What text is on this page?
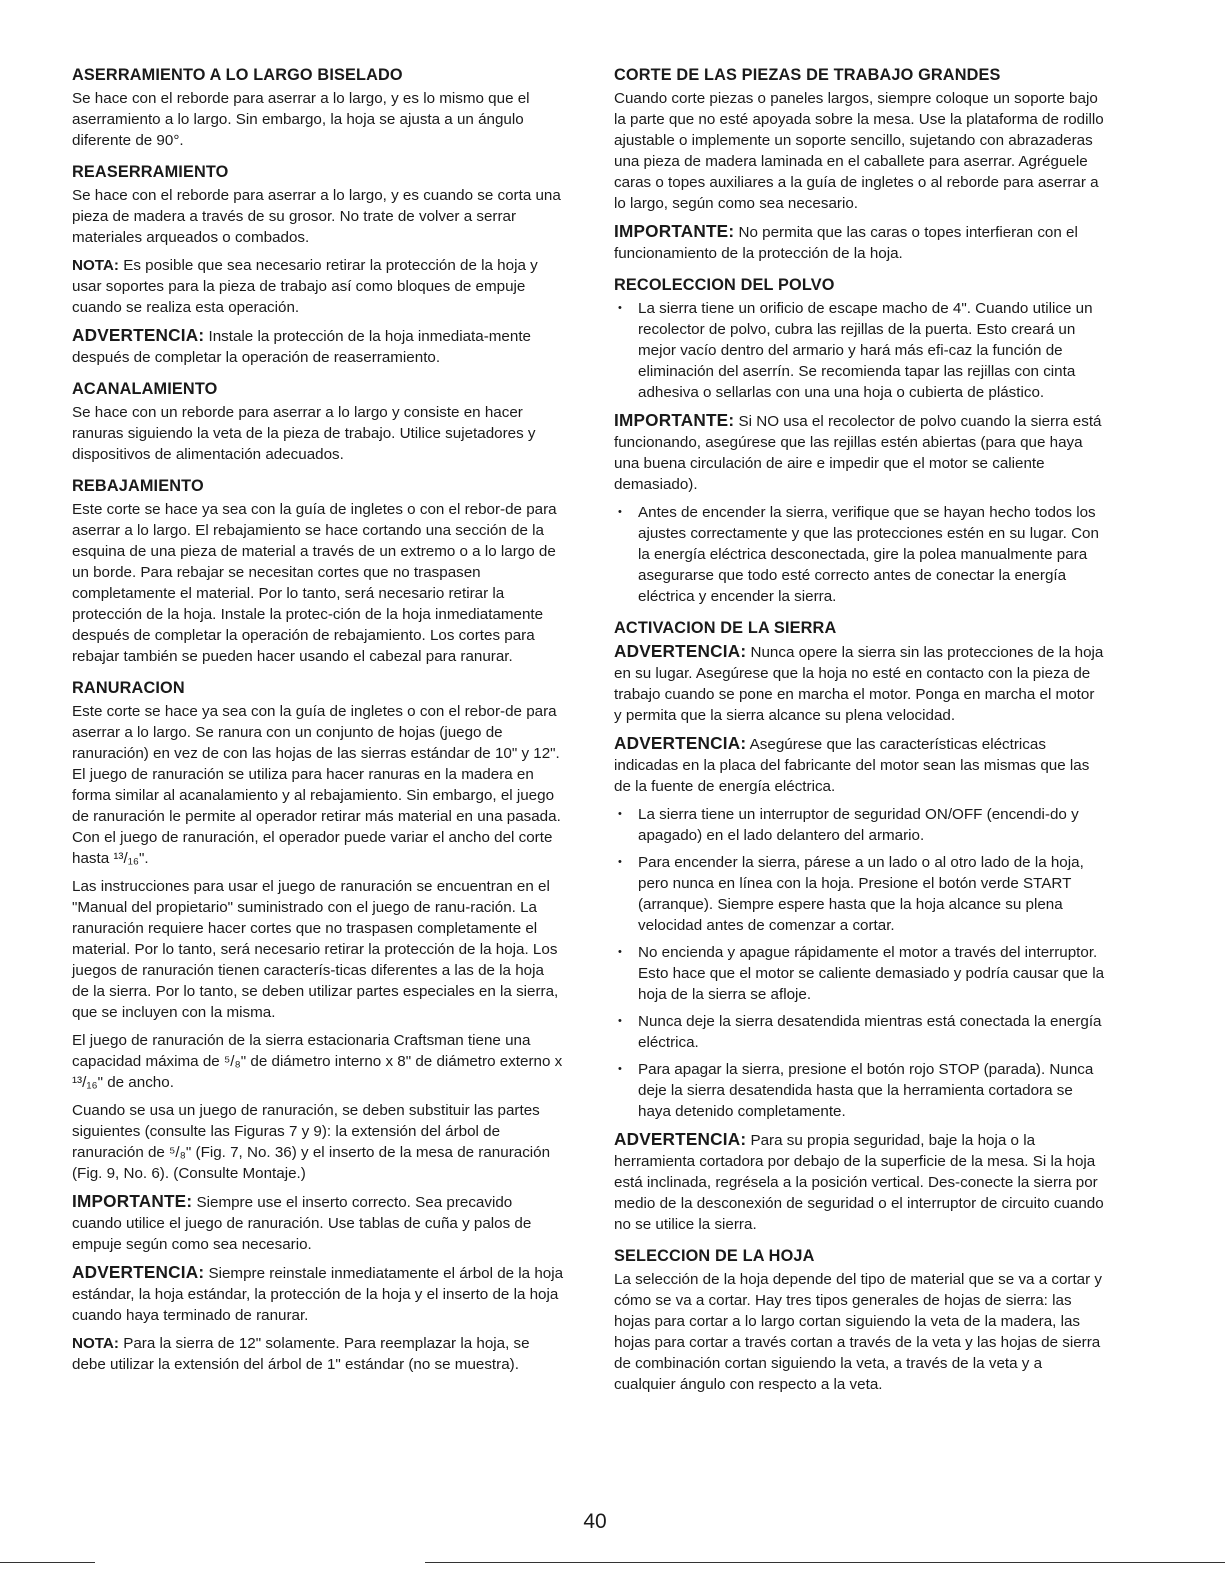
ASERRAMIENTO A LO LARGO BISELADO

Se hace con el reborde para aserrar a lo largo, y es lo mismo que el aserramiento a lo largo. Sin embargo, la hoja se ajusta a un ángulo diferente de 90°.

REASERRAMIENTO

Se hace con el reborde para aserrar a lo largo, y es cuando se corta una pieza de madera a través de su grosor. No trate de volver a serrar materiales arqueados o combados.

NOTA: Es posible que sea necesario retirar la protección de la hoja y usar soportes para la pieza de trabajo así como bloques de empuje cuando se realiza esta operación.

ADVERTENCIA: Instale la protección de la hoja inmediata-mente después de completar la operación de reaserramiento.

ACANALAMIENTO

Se hace con un reborde para aserrar a lo largo y consiste en hacer ranuras siguiendo la veta de la pieza de trabajo. Utilice sujetadores y dispositivos de alimentación adecuados.

REBAJAMIENTO

Este corte se hace ya sea con la guía de ingletes o con el rebor-de para aserrar a lo largo. El rebajamiento se hace cortando una sección de la esquina de una pieza de material a través de un extremo o a lo largo de un borde. Para rebajar se necesitan cortes que no traspasen completamente el material. Por lo tanto, será necesario retirar la protección de la hoja. Instale la protec-ción de la hoja inmediatamente después de completar la operación de rebajamiento. Los cortes para rebajar también se pueden hacer usando el cabezal para ranurar.

RANURACION

Este corte se hace ya sea con la guía de ingletes o con el rebor-de para aserrar a lo largo. Se ranura con un conjunto de hojas (juego de ranuración) en vez de con las hojas de las sierras estándar de 10" y 12". El juego de ranuración se utiliza para hacer ranuras en la madera en forma similar al acanalamiento y al rebajamiento. Sin embargo, el juego de ranuración le permite al operador retirar más material en una pasada. Con el juego de ranuración, el operador puede variar el ancho del corte hasta ¹³/₁₆".

Las instrucciones para usar el juego de ranuración se encuentran en el "Manual del propietario" suministrado con el juego de ranu-ración. La ranuración requiere hacer cortes que no traspasen completamente el material. Por lo tanto, será necesario retirar la protección de la hoja. Los juegos de ranuración tienen caracterís-ticas diferentes a las de la hoja de la sierra. Por lo tanto, se deben utilizar partes especiales en la sierra, que se incluyen con la misma.

El juego de ranuración de la sierra estacionaria Craftsman tiene una capacidad máxima de ⁵/₈" de diámetro interno x 8" de diámetro externo x ¹³/₁₆" de ancho.

Cuando se usa un juego de ranuración, se deben substituir las partes siguientes (consulte las Figuras 7 y 9): la extensión del árbol de ranuración de ⁵/₈" (Fig. 7, No. 36) y el inserto de la mesa de ranuración (Fig. 9, No. 6). (Consulte Montaje.)

IMPORTANTE: Siempre use el inserto correcto. Sea precavido cuando utilice el juego de ranuración. Use tablas de cuña y palos de empuje según como sea necesario.

ADVERTENCIA: Siempre reinstale inmediatamente el árbol de la hoja estándar, la hoja estándar, la protección de la hoja y el inserto de la hoja cuando haya terminado de ranurar.

NOTA: Para la sierra de 12" solamente. Para reemplazar la hoja, se debe utilizar la extensión del árbol de 1" estándar (no se muestra).

CORTE DE LAS PIEZAS DE TRABAJO GRANDES

Cuando corte piezas o paneles largos, siempre coloque un soporte bajo la parte que no esté apoyada sobre la mesa. Use la plataforma de rodillo ajustable o implemente un soporte sencillo, sujetando con abrazaderas una pieza de madera laminada en el caballete para aserrar. Agréguele caras o topes auxiliares a la guía de ingletes o al reborde para aserrar a lo largo, según como sea necesario.

IMPORTANTE: No permita que las caras o topes interfieran con el funcionamiento de la protección de la hoja.

RECOLECCION DEL POLVO
• La sierra tiene un orificio de escape macho de 4". Cuando utilice un recolector de polvo, cubra las rejillas de la puerta. Esto creará un mejor vacío dentro del armario y hará más efi-caz la función de eliminación del aserrín. Se recomienda tapar las rejillas con cinta adhesiva o sellarlas con una una hoja o cubierta de plástico.

IMPORTANTE: Si NO usa el recolector de polvo cuando la sierra está funcionando, asegúrese que las rejillas estén abiertas (para que haya una buena circulación de aire e impedir que el motor se caliente demasiado).

• Antes de encender la sierra, verifique que se hayan hecho todos los ajustes correctamente y que las protecciones estén en su lugar. Con la energía eléctrica desconectada, gire la polea manualmente para asegurarse que todo esté correcto antes de conectar la energía eléctrica y encender la sierra.
ACTIVACION DE LA SIERRA

ADVERTENCIA: Nunca opere la sierra sin las protecciones de la hoja en su lugar. Asegúrese que la hoja no esté en contacto con la pieza de trabajo cuando se pone en marcha el motor. Ponga en marcha el motor y permita que la sierra alcance su plena velocidad.

ADVERTENCIA: Asegúrese que las características eléctricas indicadas en la placa del fabricante del motor sean las mismas que las de la fuente de energía eléctrica.

• La sierra tiene un interruptor de seguridad ON/OFF (encendi-do y apagado) en el lado delantero del armario.
• Para encender la sierra, párese a un lado o al otro lado de la hoja, pero nunca en línea con la hoja. Presione el botón verde START (arranque). Siempre espere hasta que la hoja alcance su plena velocidad antes de comenzar a cortar.
• No encienda y apague rápidamente el motor a través del interruptor. Esto hace que el motor se caliente demasiado y podría causar que la hoja de la sierra se afloje.
• Nunca deje la sierra desatendida mientras está conectada la energía eléctrica.
• Para apagar la sierra, presione el botón rojo STOP (parada). Nunca deje la sierra desatendida hasta que la herramienta cortadora se haya detenido completamente.

ADVERTENCIA: Para su propia seguridad, baje la hoja o la herramienta cortadora por debajo de la superficie de la mesa. Si la hoja está inclinada, regrésela a la posición vertical. Des-conecte la sierra por medio de la desconexión de seguridad o el interruptor de circuito cuando no se utilice la sierra.

SELECCION DE LA HOJA

La selección de la hoja depende del tipo de material que se va a cortar y cómo se va a cortar. Hay tres tipos generales de hojas de sierra: las hojas para cortar a lo largo cortan siguiendo la veta de la madera, las hojas para cortar a través cortan a través de la veta y las hojas de sierra de combinación cortan siguiendo la veta, a través de la veta y a cualquier ángulo con respecto a la veta.

40
